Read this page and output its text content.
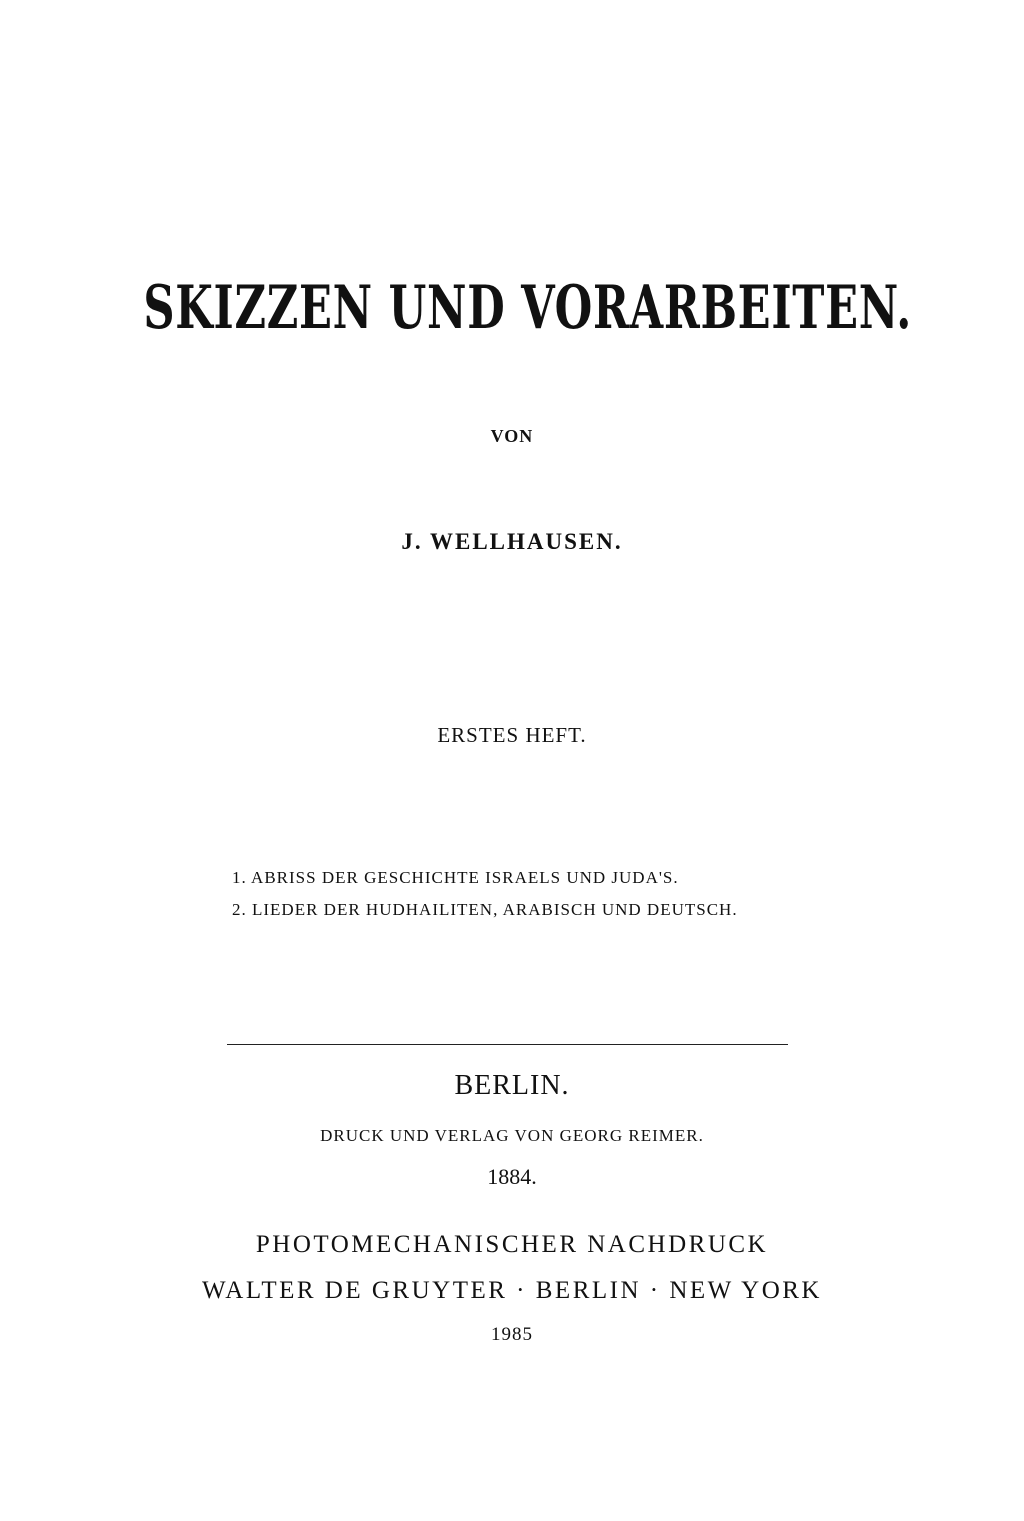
SKIZZEN UND VORARBEITEN.

VON

J. WELLHAUSEN.

ERSTES HEFT.

1. ABRISS DER GESCHICHTE ISRAELS UND JUDA'S.
2. LIEDER DER HUDHAILITEN, ARABISCH UND DEUTSCH.

BERLIN.

DRUCK UND VERLAG VON GEORG REIMER.

1884.

PHOTOMECHANISCHER NACHDRUCK

WALTER DE GRUYTER · BERLIN · NEW YORK

1985
